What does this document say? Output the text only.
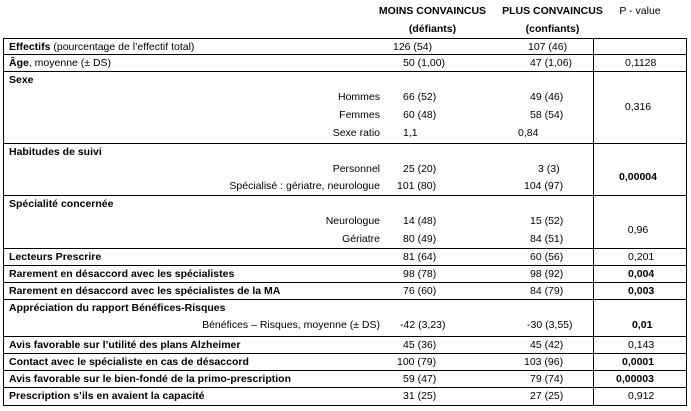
MOINS CONVAINCUS
(défiants)
PLUS CONVAINCUS
(confiants)
P - value
Effectifs (pourcentage de l’effectif total)	126 (54)	107 (46)
Âge, moyenne (± DS)	50 (1,00)	47 (1,06)	0,1128
Sexe
Hommes 66 (52)	49 (46)
Femmes 60 (48)	58 (54)
0,316
Sexe ratio 1,1	0,84
Habitudes de suivi
Personnel 25 (20)	3 (3)
Spécialisé : gériatre, neurologue 101 (80)	104 (97)
0,00004
Spécialité concernée
Neurologue 14 (48)	15 (52)
Gériatre 80 (49)	84 (51)
0,96
Lecteurs Prescrire	81 (64)	60 (56)	0,201
Rarement en désaccord avec les spécialistes	98 (78)	98 (92)	0,004
Rarement en désaccord avec les spécialistes de la MA	76 (60)	84 (79)	0,003
Appréciation du rapport Bénéfices-Risques
Bénéfices – Risques, moyenne (± DS) -42 (3,23)	-30 (3,55)	0,01
Avis favorable sur l’utilité des plans Alzheimer	45 (36)	45 (42)	0,143
Contact avec le spécialiste en cas de désaccord	100 (79)	103 (96)	0,0001
Avis favorable sur le bien-fondé de la primo-prescription	59 (47)	79 (74)	0,00003
Prescription s’ils en avaient la capacité	31 (25)	27 (25)	0,912
